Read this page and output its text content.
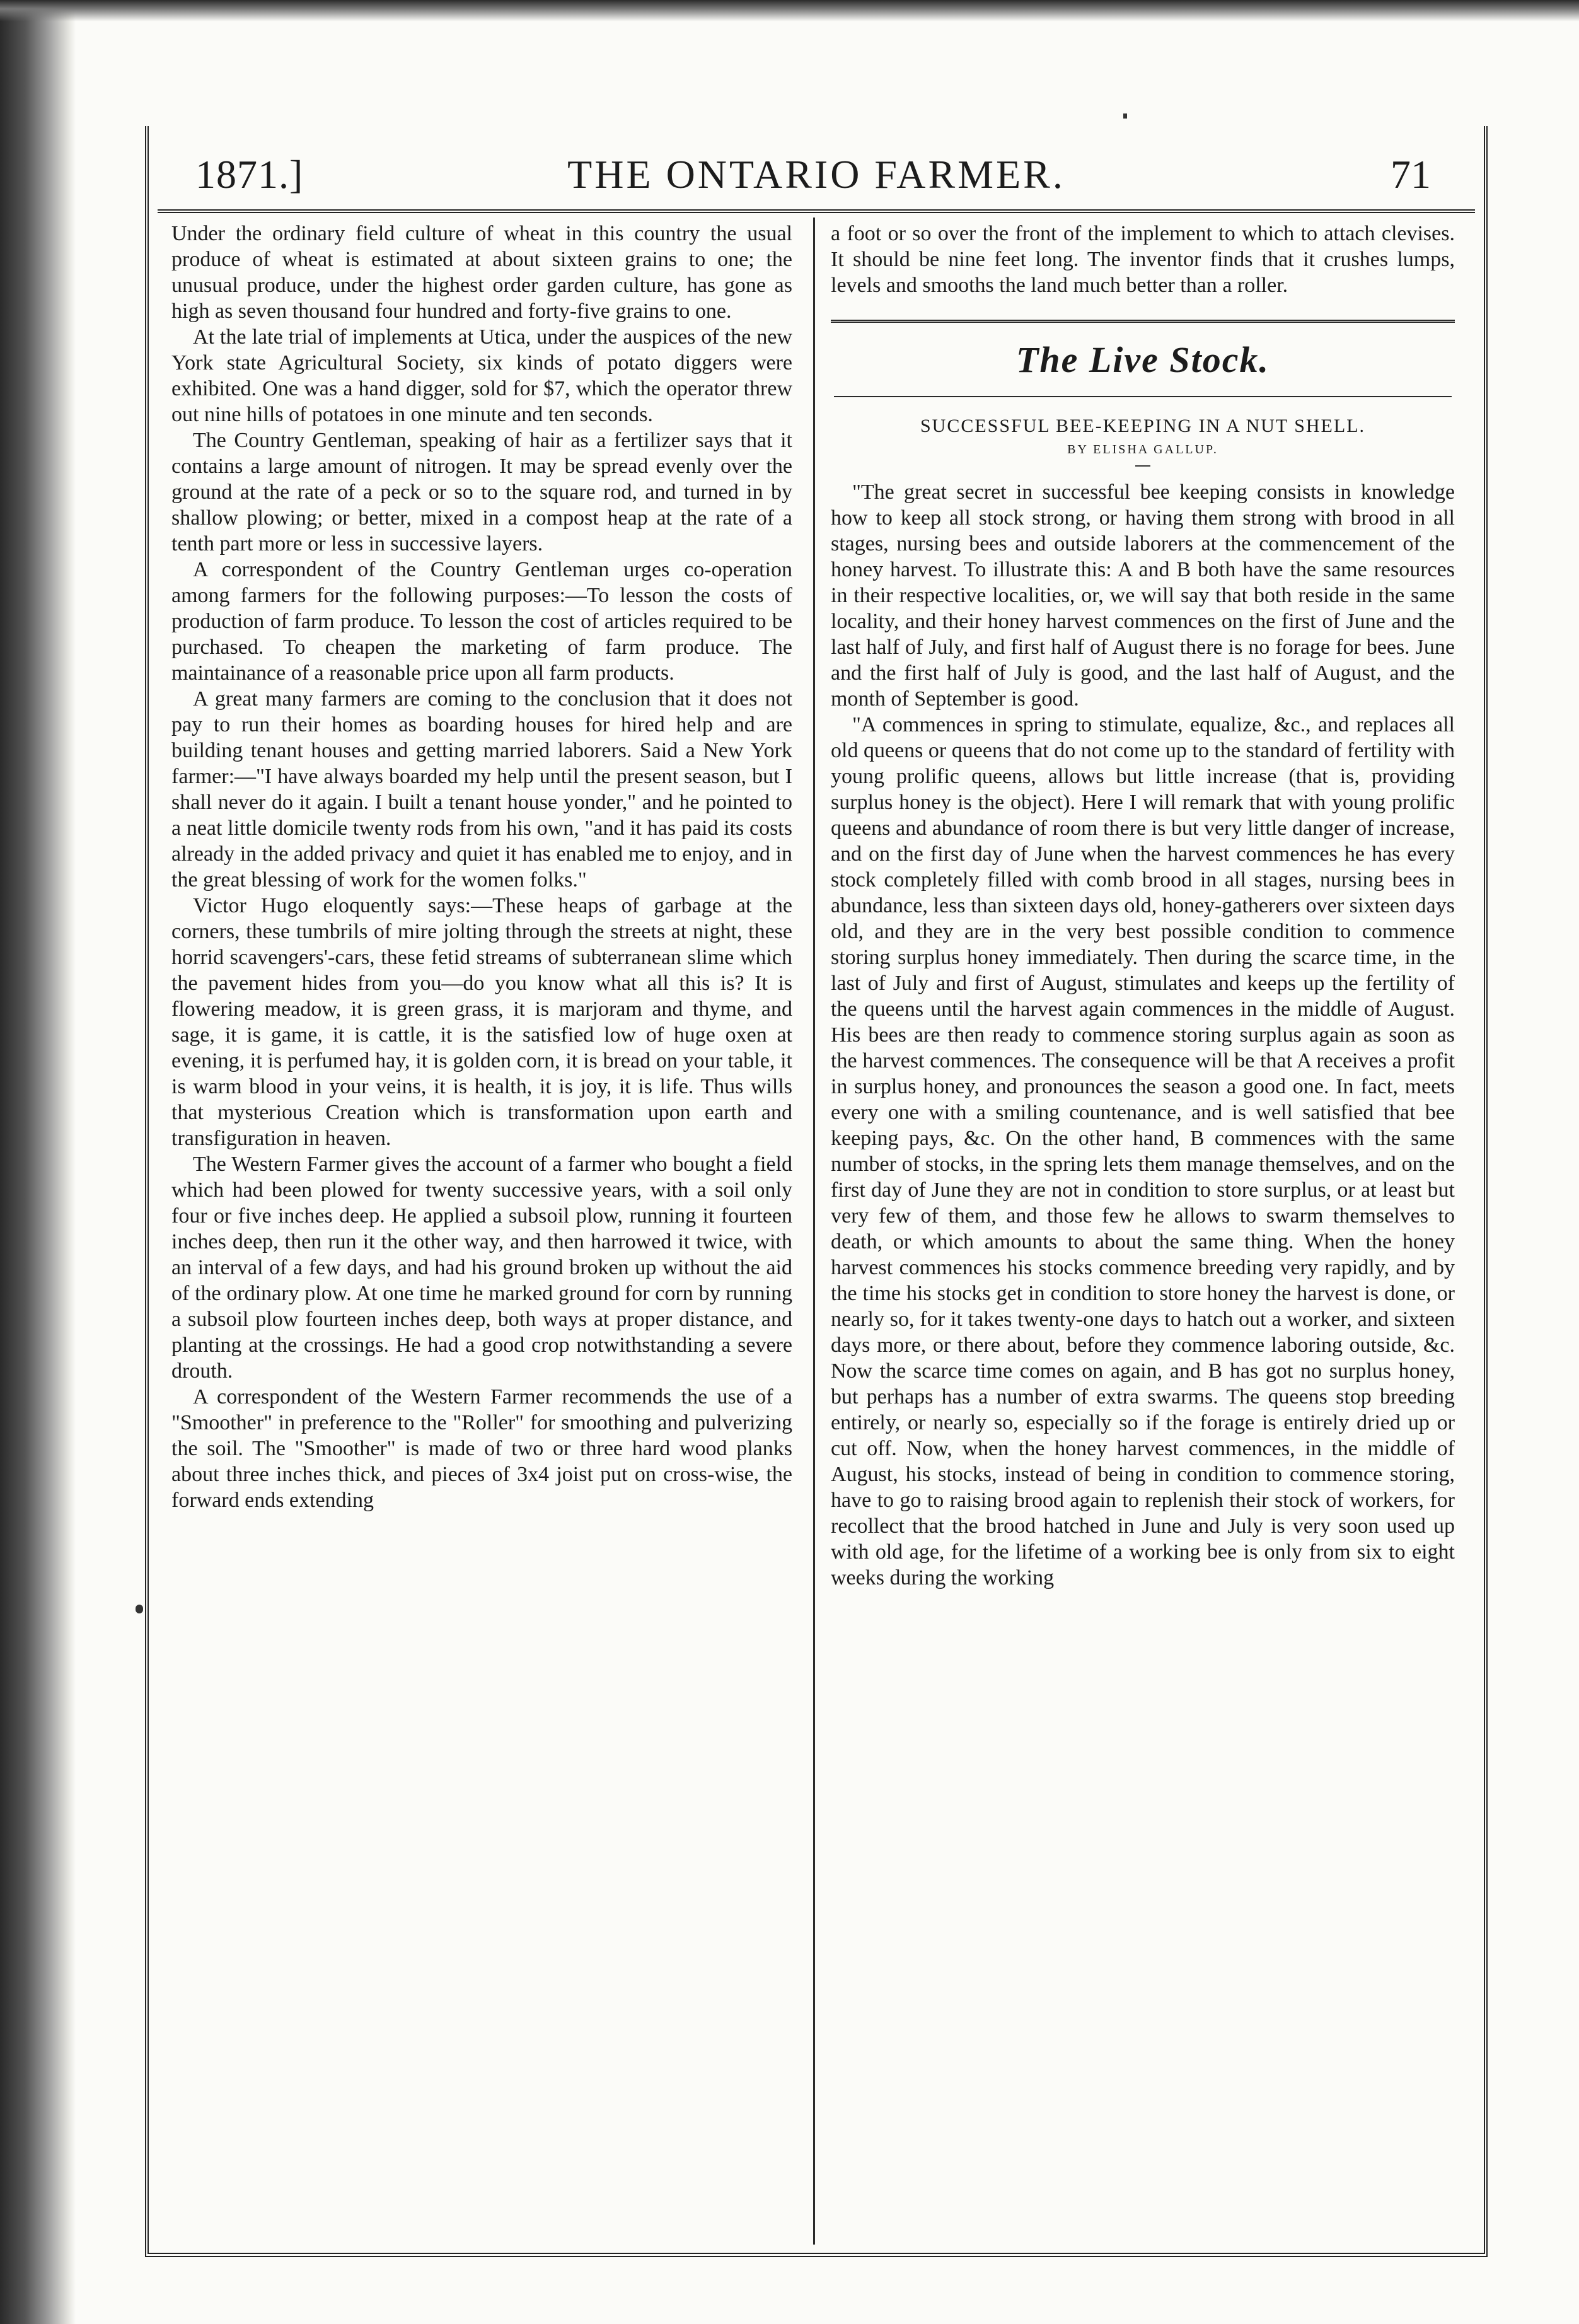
1871.]	THE ONTARIO FARMER.	71

Under the ordinary field culture of wheat in this country the usual produce of wheat is estimated at about sixteen grains to one; the unusual produce, under the highest order garden culture, has gone as high as seven thousand four hundred and forty-five grains to one.

At the late trial of implements at Utica, under the auspices of the new York state Agricultural Society, six kinds of potato diggers were exhibited. One was a hand digger, sold for $7, which the operator threw out nine hills of potatoes in one minute and ten seconds.

The Country Gentleman, speaking of hair as a fertilizer says that it contains a large amount of nitrogen. It may be spread evenly over the ground at the rate of a peck or so to the square rod, and turned in by shallow plowing; or better, mixed in a compost heap at the rate of a tenth part more or less in successive layers.

A correspondent of the Country Gentleman urges co-operation among farmers for the following purposes:—To lesson the costs of production of farm produce. To lesson the cost of articles required to be purchased. To cheapen the marketing of farm produce. The maintainance of a reasonable price upon all farm products.

A great many farmers are coming to the conclusion that it does not pay to run their homes as boarding houses for hired help and are building tenant houses and getting married laborers. Said a New York farmer:—"I have always boarded my help until the present season, but I shall never do it again. I built a tenant house yonder," and he pointed to a neat little domicile twenty rods from his own, "and it has paid its costs already in the added privacy and quiet it has enabled me to enjoy, and in the great blessing of work for the women folks."

Victor Hugo eloquently says:—These heaps of garbage at the corners, these tumbrils of mire jolting through the streets at night, these horrid scavengers'-cars, these fetid streams of subterranean slime which the pavement hides from you—do you know what all this is? It is flowering meadow, it is green grass, it is marjoram and thyme, and sage, it is game, it is cattle, it is the satisfied low of huge oxen at evening, it is perfumed hay, it is golden corn, it is bread on your table, it is warm blood in your veins, it is health, it is joy, it is life. Thus wills that mysterious Creation which is transformation upon earth and transfiguration in heaven.

The Western Farmer gives the account of a farmer who bought a field which had been plowed for twenty successive years, with a soil only four or five inches deep. He applied a subsoil plow, running it fourteen inches deep, then run it the other way, and then harrowed it twice, with an interval of a few days, and had his ground broken up without the aid of the ordinary plow. At one time he marked ground for corn by running a subsoil plow fourteen inches deep, both ways at proper distance, and planting at the crossings. He had a good crop notwithstanding a severe drouth.

A correspondent of the Western Farmer recommends the use of a "Smoother" in preference to the "Roller" for smoothing and pulverizing the soil. The "Smoother" is made of two or three hard wood planks about three inches thick, and pieces of 3x4 joist put on cross-wise, the forward ends extending

a foot or so over the front of the implement to which to attach clevises. It should be nine feet long. The inventor finds that it crushes lumps, levels and smooths the land much better than a roller.

The Live Stock.
SUCCESSFUL BEE-KEEPING IN A NUT SHELL.
BY ELISHA GALLUP.

"The great secret in successful bee keeping consists in knowledge how to keep all stock strong, or having them strong with brood in all stages, nursing bees and outside laborers at the commencement of the honey harvest. To illustrate this: A and B both have the same resources in their respective localities, or, we will say that both reside in the same locality, and their honey harvest commences on the first of June and the last half of July, and first half of August there is no forage for bees. June and the first half of July is good, and the last half of August, and the month of September is good.

"A commences in spring to stimulate, equalize, &c., and replaces all old queens or queens that do not come up to the standard of fertility with young prolific queens, allows but little increase (that is, providing surplus honey is the object). Here I will remark that with young prolific queens and abundance of room there is but very little danger of increase, and on the first day of June when the harvest commences he has every stock completely filled with comb brood in all stages, nursing bees in abundance, less than sixteen days old, honey-gatherers over sixteen days old, and they are in the very best possible condition to commence storing surplus honey immediately. Then during the scarce time, in the last of July and first of August, stimulates and keeps up the fertility of the queens until the harvest again commences in the middle of August. His bees are then ready to commence storing surplus again as soon as the harvest commences. The consequence will be that A receives a profit in surplus honey, and pronounces the season a good one. In fact, meets every one with a smiling countenance, and is well satisfied that bee keeping pays, &c. On the other hand, B commences with the same number of stocks, in the spring lets them manage themselves, and on the first day of June they are not in condition to store surplus, or at least but very few of them, and those few he allows to swarm themselves to death, or which amounts to about the same thing. When the honey harvest commences his stocks commence breeding very rapidly, and by the time his stocks get in condition to store honey the harvest is done, or nearly so, for it takes twenty-one days to hatch out a worker, and sixteen days more, or there about, before they commence laboring outside, &c. Now the scarce time comes on again, and B has got no surplus honey, but perhaps has a number of extra swarms. The queens stop breeding entirely, or nearly so, especially so if the forage is entirely dried up or cut off. Now, when the honey harvest commences, in the middle of August, his stocks, instead of being in condition to commence storing, have to go to raising brood again to replenish their stock of workers, for recollect that the brood hatched in June and July is very soon used up with old age, for the lifetime of a working bee is only from six to eight weeks during the working
